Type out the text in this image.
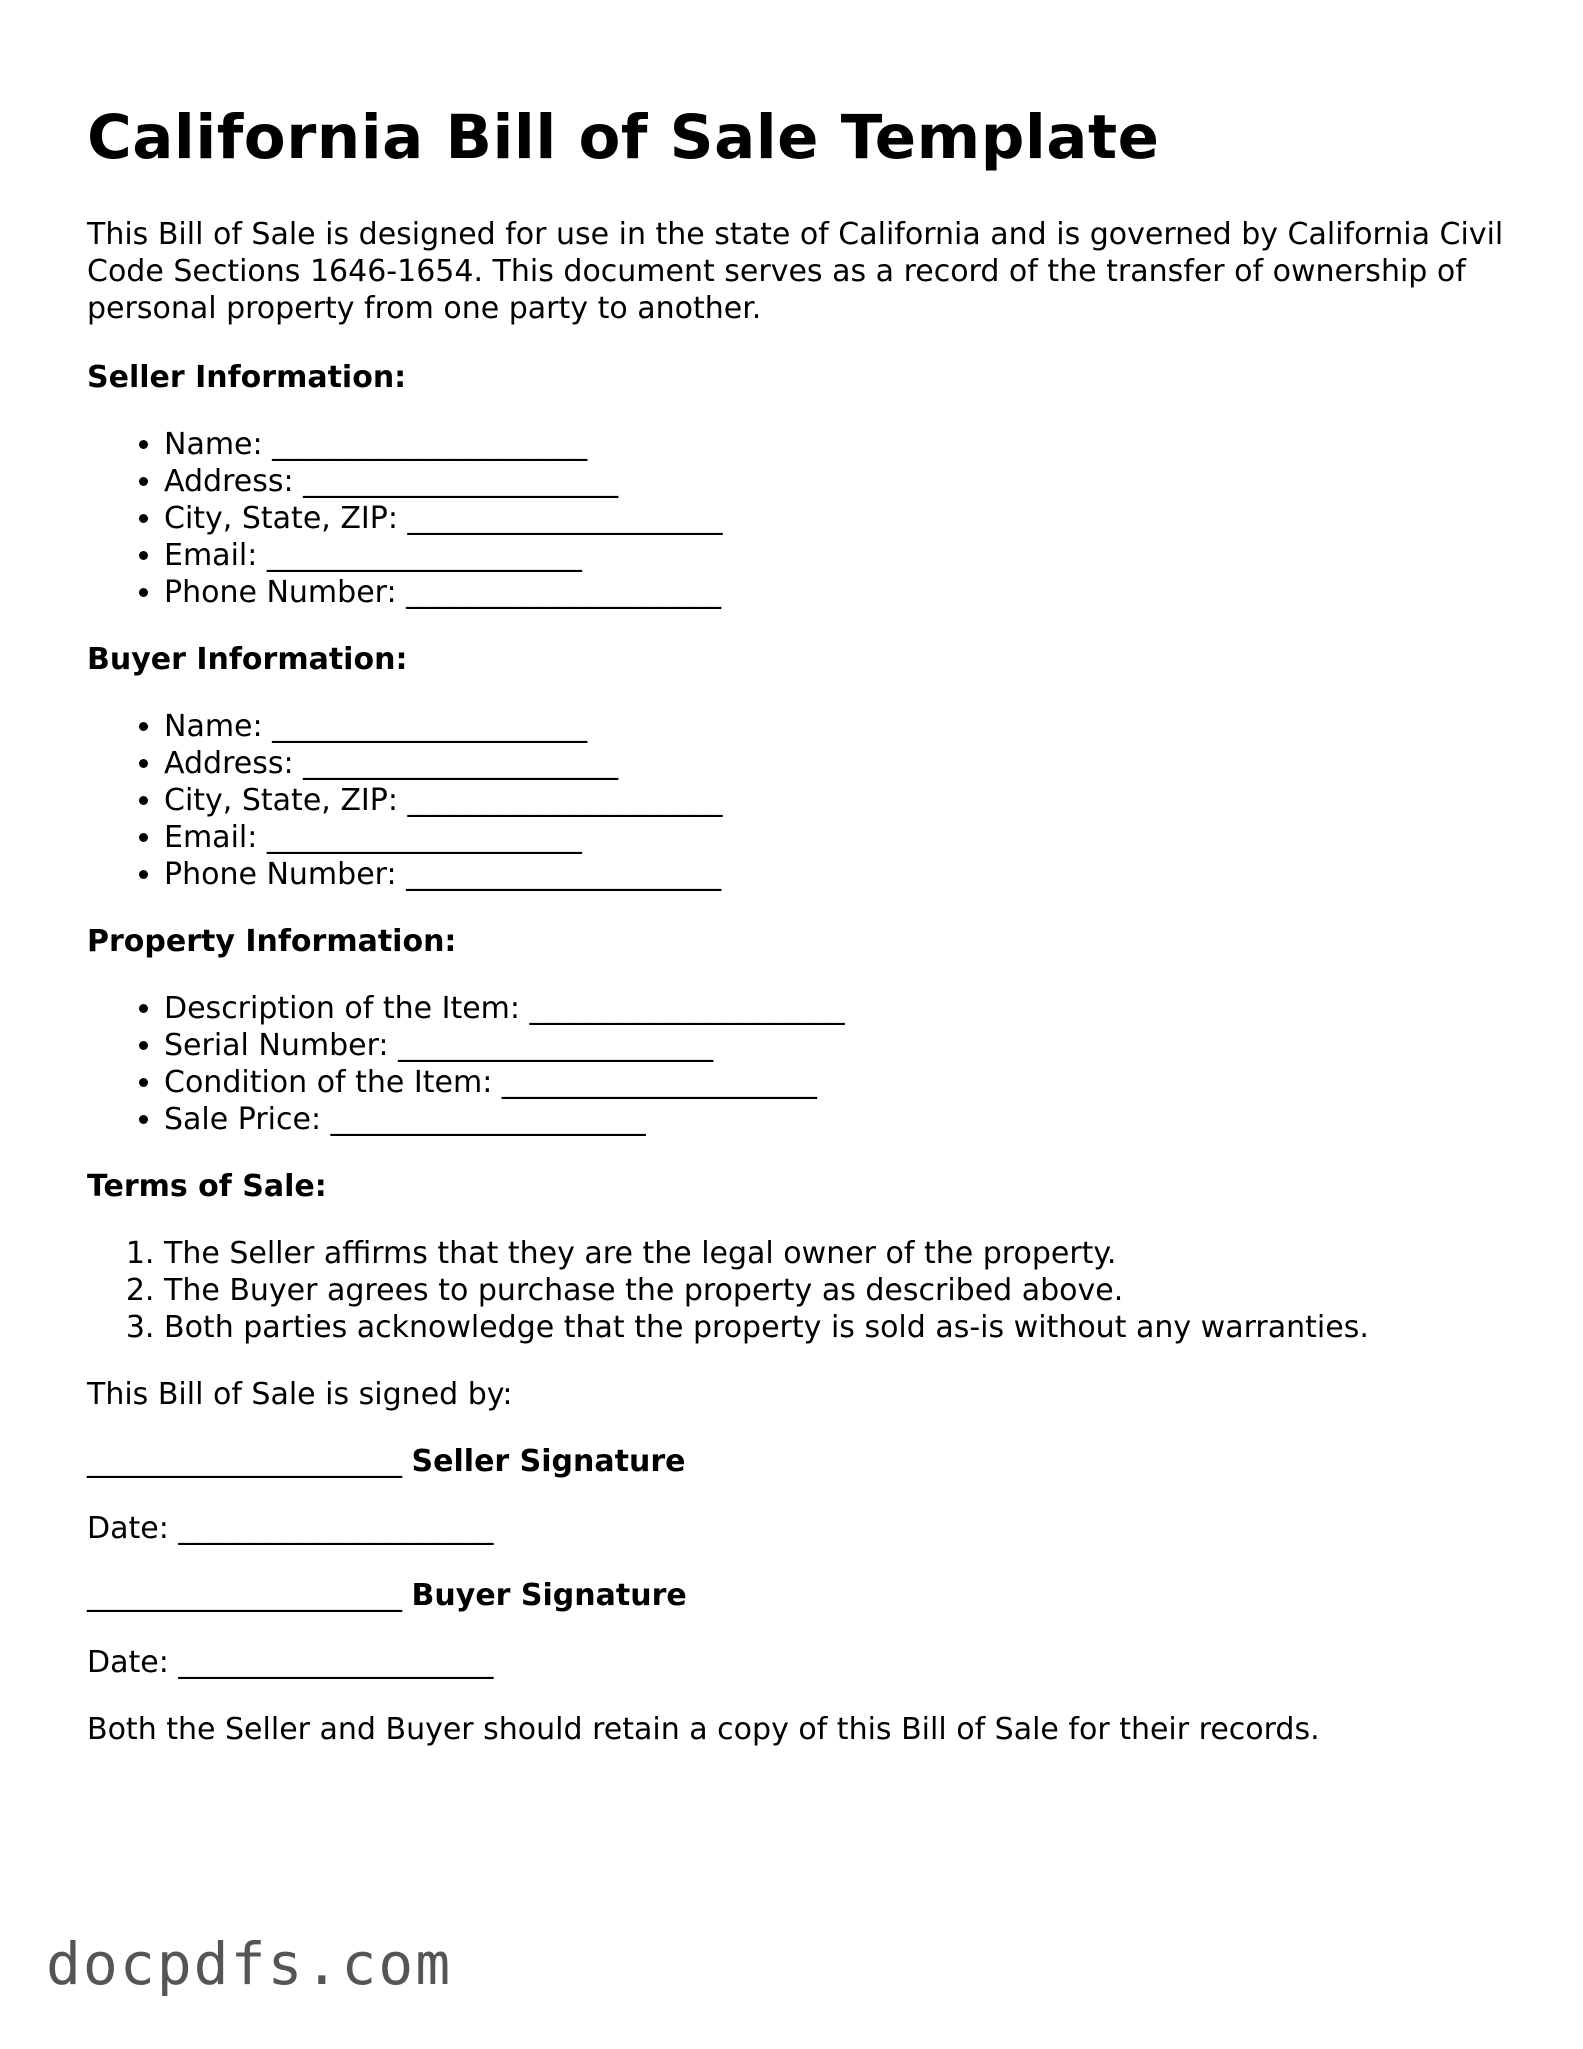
California Bill of Sale Template

This Bill of Sale is designed for use in the state of California and is governed by California Civil Code Sections 1646-1654. This document serves as a record of the transfer of ownership of personal property from one party to another.

Seller Information:
• Name: _____________________
• Address: _____________________
• City, State, ZIP: _____________________
• Email: _____________________
• Phone Number: _____________________
Buyer Information:
• Name: _____________________
• Address: _____________________
• City, State, ZIP: _____________________
• Email: _____________________
• Phone Number: _____________________
Property Information:
• Description of the Item: _____________________
• Serial Number: _____________________
• Condition of the Item: _____________________
• Sale Price: _____________________
Terms of Sale:
1. The Seller affirms that they are the legal owner of the property.
2. The Buyer agrees to purchase the property as described above.
3. Both parties acknowledge that the property is sold as-is without any warranties.

This Bill of Sale is signed by:

_____________________ Seller Signature
Date: _____________________
_____________________ Buyer Signature
Date: _____________________

Both the Seller and Buyer should retain a copy of this Bill of Sale for their records.

docpdfs.com
